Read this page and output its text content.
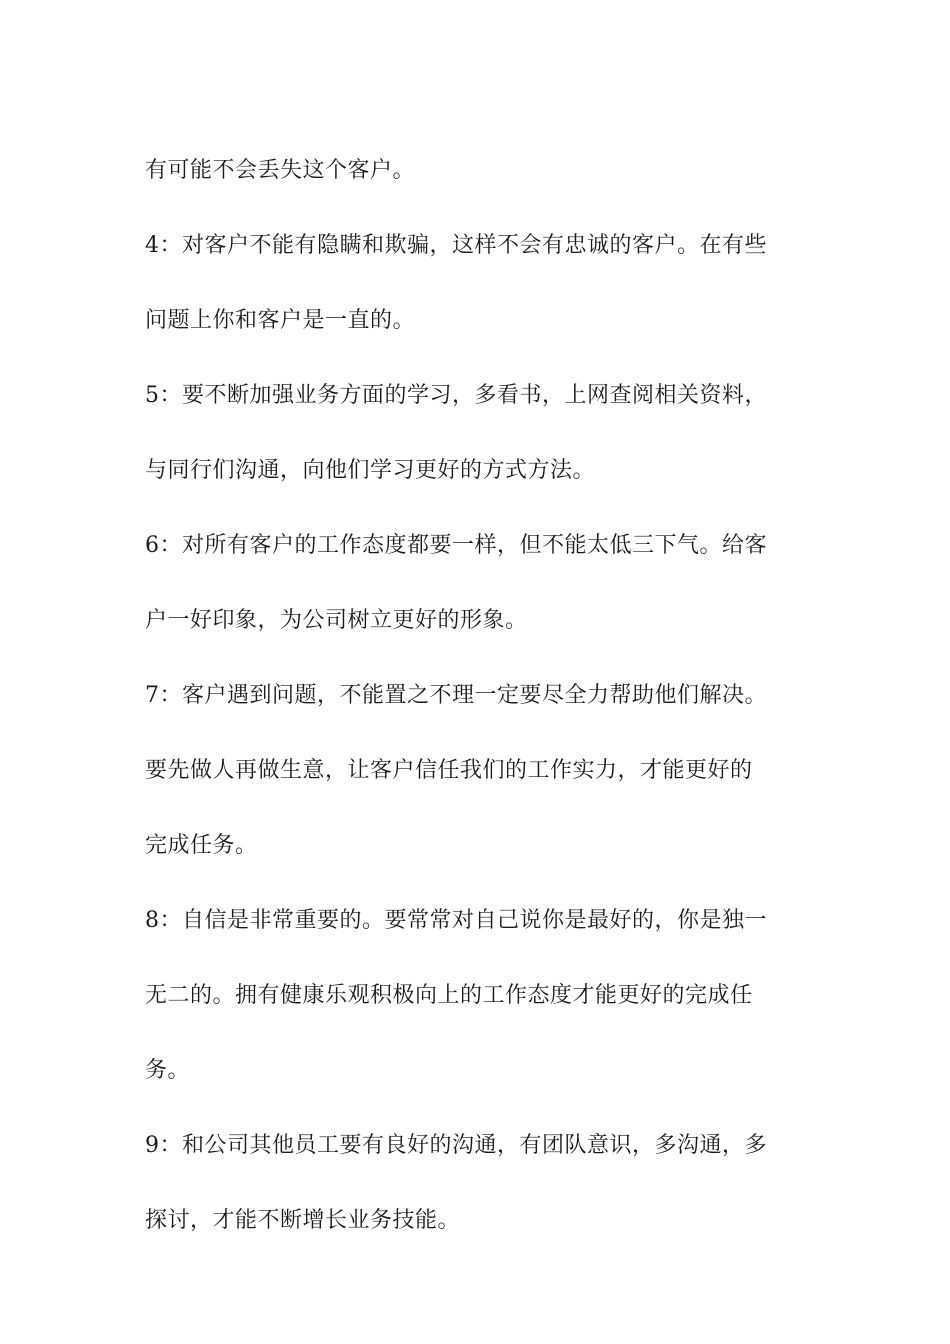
有可能不会丢失这个客户。
4：对客户不能有隐瞒和欺骗，这样不会有忠诚的客户。在有些
问题上你和客户是一直的。
5：要不断加强业务方面的学习，多看书，上网查阅相关资料，
与同行们沟通，向他们学习更好的方式方法。
6：对所有客户的工作态度都要一样，但不能太低三下气。给客
户一好印象，为公司树立更好的形象。
7：客户遇到问题，不能置之不理一定要尽全力帮助他们解决。
要先做人再做生意，让客户信任我们的工作实力，才能更好的
完成任务。
8：自信是非常重要的。要常常对自己说你是最好的，你是独一
无二的。拥有健康乐观积极向上的工作态度才能更好的完成任
务。
9：和公司其他员工要有良好的沟通，有团队意识，多沟通，多
探讨，才能不断增长业务技能。
